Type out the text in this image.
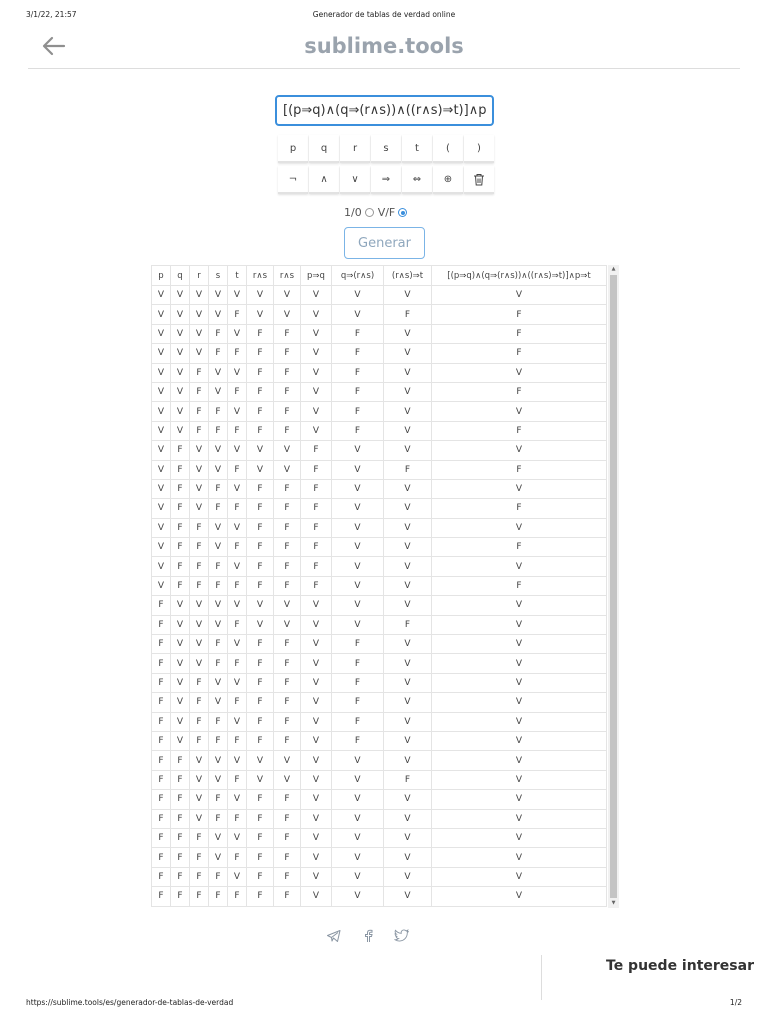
3/1/22, 21:57	Generador de tablas de verdad online
sublime.tools
[(p⇒q)∧(q⇒(r∧s))∧((r∧s)⇒t)]∧p⇒t
p	q	r	s	t	(	)
¬	∧	∨	⇒	⇔	⊕
1/0 V/F
Generar
p	q	r	s	t	r∧s	r∧s	p⇒q	q⇒(r∧s)	(r∧s)⇒t	[(p⇒q)∧(q⇒(r∧s))∧((r∧s)⇒t)]∧p⇒t
V	V	V	V	V	V	V	V	V	V	V
V	V	V	V	F	V	V	V	V	F	F
V	V	V	F	V	F	F	V	F	V	F
V	V	V	F	F	F	F	V	F	V	F
V	V	F	V	V	F	F	V	F	V	V
V	V	F	V	F	F	F	V	F	V	F
V	V	F	F	V	F	F	V	F	V	V
V	V	F	F	F	F	F	V	F	V	F
V	F	V	V	V	V	V	F	V	V	V
V	F	V	V	F	V	V	F	V	F	F
V	F	V	F	V	F	F	F	V	V	V
V	F	V	F	F	F	F	F	V	V	F
V	F	F	V	V	F	F	F	V	V	V
V	F	F	V	F	F	F	F	V	V	F
V	F	F	F	V	F	F	F	V	V	V
V	F	F	F	F	F	F	F	V	V	F
F	V	V	V	V	V	V	V	V	V	V
F	V	V	V	F	V	V	V	V	F	V
F	V	V	F	V	F	F	V	F	V	V
F	V	V	F	F	F	F	V	F	V	V
F	V	F	V	V	F	F	V	F	V	V
F	V	F	V	F	F	F	V	F	V	V
F	V	F	F	V	F	F	V	F	V	V
F	V	F	F	F	F	F	V	F	V	V
F	F	V	V	V	V	V	V	V	V	V
F	F	V	V	F	V	V	V	V	F	V
F	F	V	F	V	F	F	V	V	V	V
F	F	V	F	F	F	F	V	V	V	V
F	F	F	V	V	F	F	V	V	V	V
F	F	F	V	F	F	F	V	V	V	V
F	F	F	F	V	F	F	V	V	V	V
F	F	F	F	F	F	F	V	V	V	V
▲
▼
Te puede interesar
https://sublime.tools/es/generador-de-tablas-de-verdad	1/2
